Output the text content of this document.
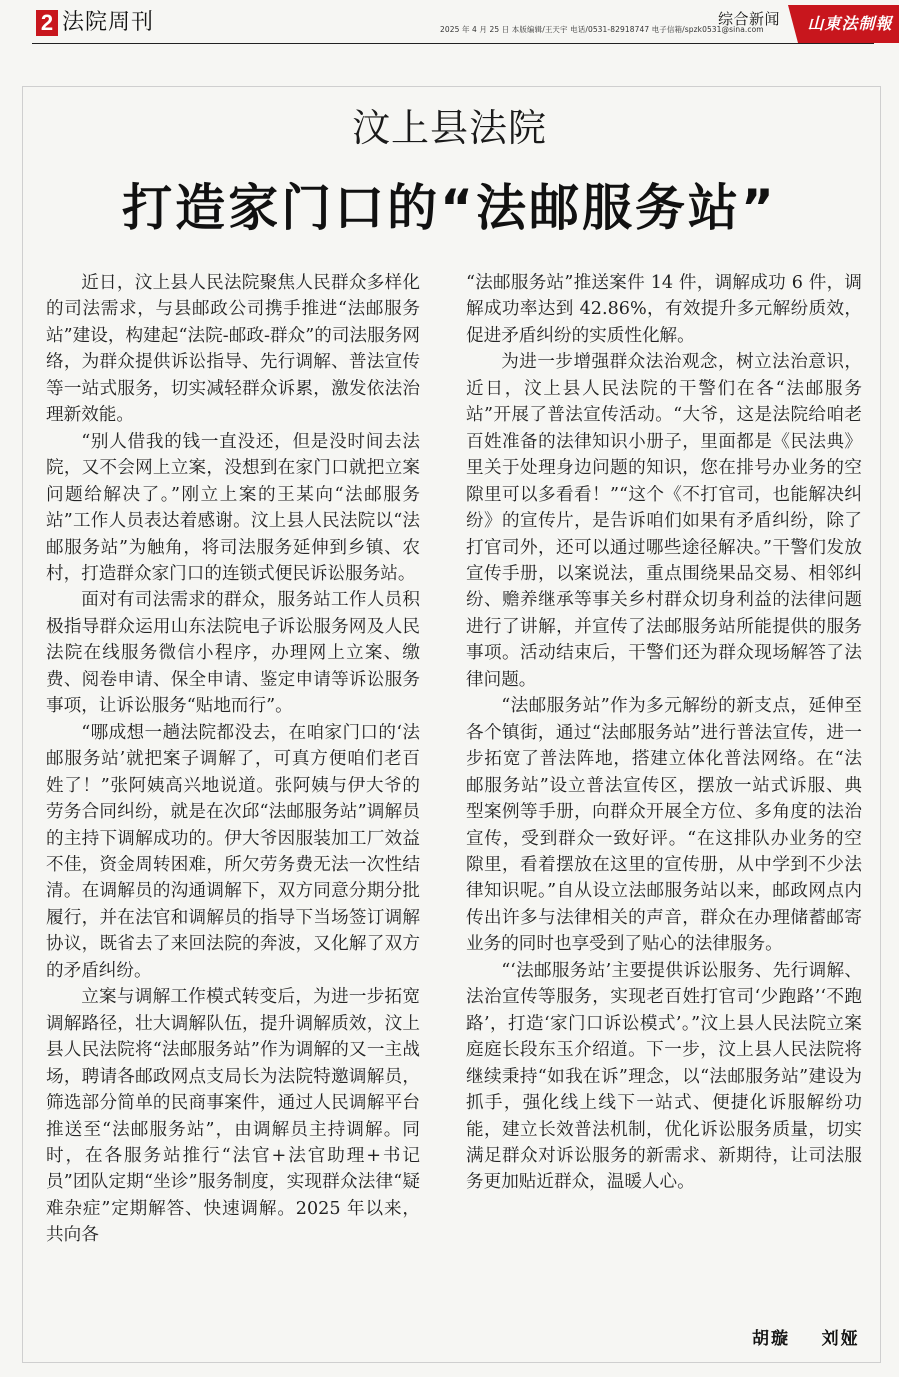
2 法院周刊	2025 年 4 月 25 日 本版编辑/王天宇 电话/0531-82918747 电子信箱/spzk0531@sina.com
综合新闻	山東法制報
汶上县法院
打造家门口的“法邮服务站”

近日，汶上县人民法院聚焦人民群众多样化的司法需求，与县邮政公司携手推进“法邮服务站”建设，构建起“法院-邮政-群众”的司法服务网络，为群众提供诉讼指导、先行调解、普法宣传等一站式服务，切实减轻群众诉累，激发依法治理新效能。

“别人借我的钱一直没还，但是没时间去法院，又不会网上立案，没想到在家门口就把立案问题给解决了。”刚立上案的王某向“法邮服务站”工作人员表达着感谢。汶上县人民法院以“法邮服务站”为触角，将司法服务延伸到乡镇、农村，打造群众家门口的连锁式便民诉讼服务站。

面对有司法需求的群众，服务站工作人员积极指导群众运用山东法院电子诉讼服务网及人民法院在线服务微信小程序，办理网上立案、缴费、阅卷申请、保全申请、鉴定申请等诉讼服务事项，让诉讼服务“贴地而行”。

“哪成想一趟法院都没去，在咱家门口的‘法邮服务站’就把案子调解了，可真方便咱们老百姓了！”张阿姨高兴地说道。张阿姨与伊大爷的劳务合同纠纷，就是在次邱“法邮服务站”调解员的主持下调解成功的。伊大爷因服装加工厂效益不佳，资金周转困难，所欠劳务费无法一次性结清。在调解员的沟通调解下，双方同意分期分批履行，并在法官和调解员的指导下当场签订调解协议，既省去了来回法院的奔波，又化解了双方的矛盾纠纷。

立案与调解工作模式转变后，为进一步拓宽调解路径，壮大调解队伍，提升调解质效，汶上县人民法院将“法邮服务站”作为调解的又一主战场，聘请各邮政网点支局长为法院特邀调解员，筛选部分简单的民商事案件，通过人民调解平台推送至“法邮服务站”，由调解员主持调解。同时，在各服务站推行“法官+法官助理+书记员”团队定期“坐诊”服务制度，实现群众法律“疑难杂症”定期解答、快速调解。2025 年以来，共向各

“法邮服务站”推送案件 14 件，调解成功 6 件，调解成功率达到 42.86%，有效提升多元解纷质效，促进矛盾纠纷的实质性化解。

为进一步增强群众法治观念，树立法治意识，近日，汶上县人民法院的干警们在各“法邮服务站”开展了普法宣传活动。“大爷，这是法院给咱老百姓准备的法律知识小册子，里面都是《民法典》里关于处理身边问题的知识，您在排号办业务的空隙里可以多看看！”“这个《不打官司，也能解决纠纷》的宣传片，是告诉咱们如果有矛盾纠纷，除了打官司外，还可以通过哪些途径解决。”干警们发放宣传手册，以案说法，重点围绕果品交易、相邻纠纷、赡养继承等事关乡村群众切身利益的法律问题进行了讲解，并宣传了法邮服务站所能提供的服务事项。活动结束后，干警们还为群众现场解答了法律问题。

“法邮服务站”作为多元解纷的新支点，延伸至各个镇街，通过“法邮服务站”进行普法宣传，进一步拓宽了普法阵地，搭建立体化普法网络。在“法邮服务站”设立普法宣传区，摆放一站式诉服、典型案例等手册，向群众开展全方位、多角度的法治宣传，受到群众一致好评。“在这排队办业务的空隙里，看着摆放在这里的宣传册，从中学到不少法律知识呢。”自从设立法邮服务站以来，邮政网点内传出许多与法律相关的声音，群众在办理储蓄邮寄业务的同时也享受到了贴心的法律服务。

“‘法邮服务站’主要提供诉讼服务、先行调解、法治宣传等服务，实现老百姓打官司‘少跑路’‘不跑路’，打造‘家门口诉讼模式’。”汶上县人民法院立案庭庭长段东玉介绍道。下一步，汶上县人民法院将继续秉持“如我在诉”理念，以“法邮服务站”建设为抓手，强化线上线下一站式、便捷化诉服解纷功能，建立长效普法机制，优化诉讼服务质量，切实满足群众对诉讼服务的新需求、新期待，让司法服务更加贴近群众，温暖人心。

胡璇    刘娅
